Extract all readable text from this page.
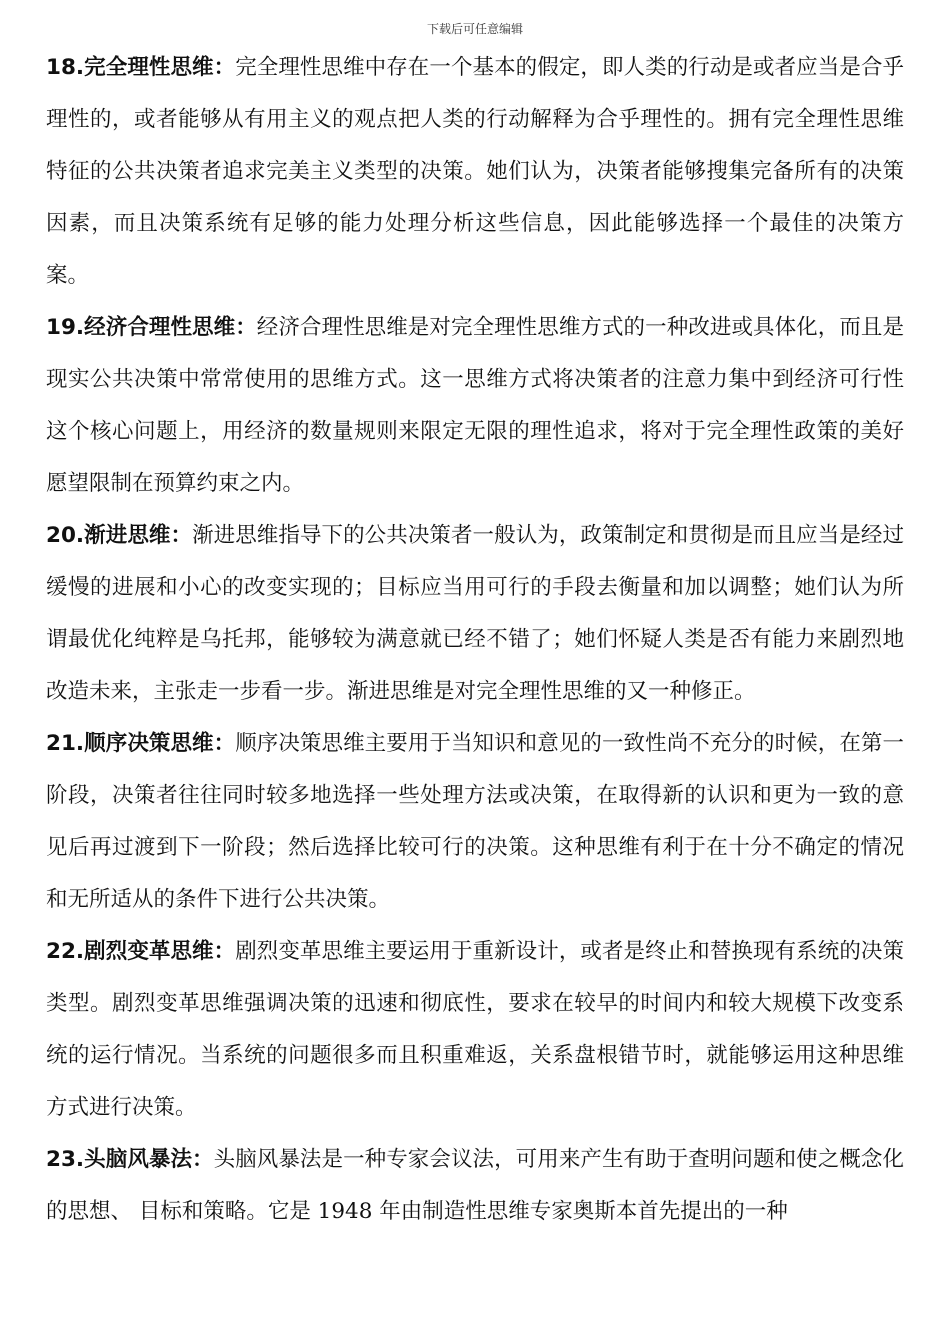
下载后可任意编辑

18.完全理性思维：完全理性思维中存在一个基本的假定，即人类的行动是或者应当是合乎理性的，或者能够从有用主义的观点把人类的行动解释为合乎理性的。拥有完全理性思维特征的公共决策者追求完美主义类型的决策。她们认为，决策者能够搜集完备所有的决策因素，而且决策系统有足够的能力处理分析这些信息，因此能够选择一个最佳的决策方案。

19.经济合理性思维：经济合理性思维是对完全理性思维方式的一种改进或具体化，而且是现实公共决策中常常使用的思维方式。这一思维方式将决策者的注意力集中到经济可行性这个核心问题上，用经济的数量规则来限定无限的理性追求，将对于完全理性政策的美好愿望限制在预算约束之内。

20.渐进思维：渐进思维指导下的公共决策者一般认为，政策制定和贯彻是而且应当是经过缓慢的进展和小心的改变实现的；目标应当用可行的手段去衡量和加以调整；她们认为所谓最优化纯粹是乌托邦，能够较为满意就已经不错了；她们怀疑人类是否有能力来剧烈地改造未来，主张走一步看一步。渐进思维是对完全理性思维的又一种修正。

21.顺序决策思维：顺序决策思维主要用于当知识和意见的一致性尚不充分的时候，在第一阶段，决策者往往同时较多地选择一些处理方法或决策，在取得新的认识和更为一致的意见后再过渡到下一阶段；然后选择比较可行的决策。这种思维有利于在十分不确定的情况和无所适从的条件下进行公共决策。

22.剧烈变革思维：剧烈变革思维主要运用于重新设计，或者是终止和替换现有系统的决策类型。剧烈变革思维强调决策的迅速和彻底性，要求在较早的时间内和较大规模下改变系统的运行情况。当系统的问题很多而且积重难返，关系盘根错节时，就能够运用这种思维方式进行决策。

23.头脑风暴法：头脑风暴法是一种专家会议法，可用来产生有助于查明问题和使之概念化的思想、 目标和策略。它是 1948 年由制造性思维专家奥斯本首先提出的一种
